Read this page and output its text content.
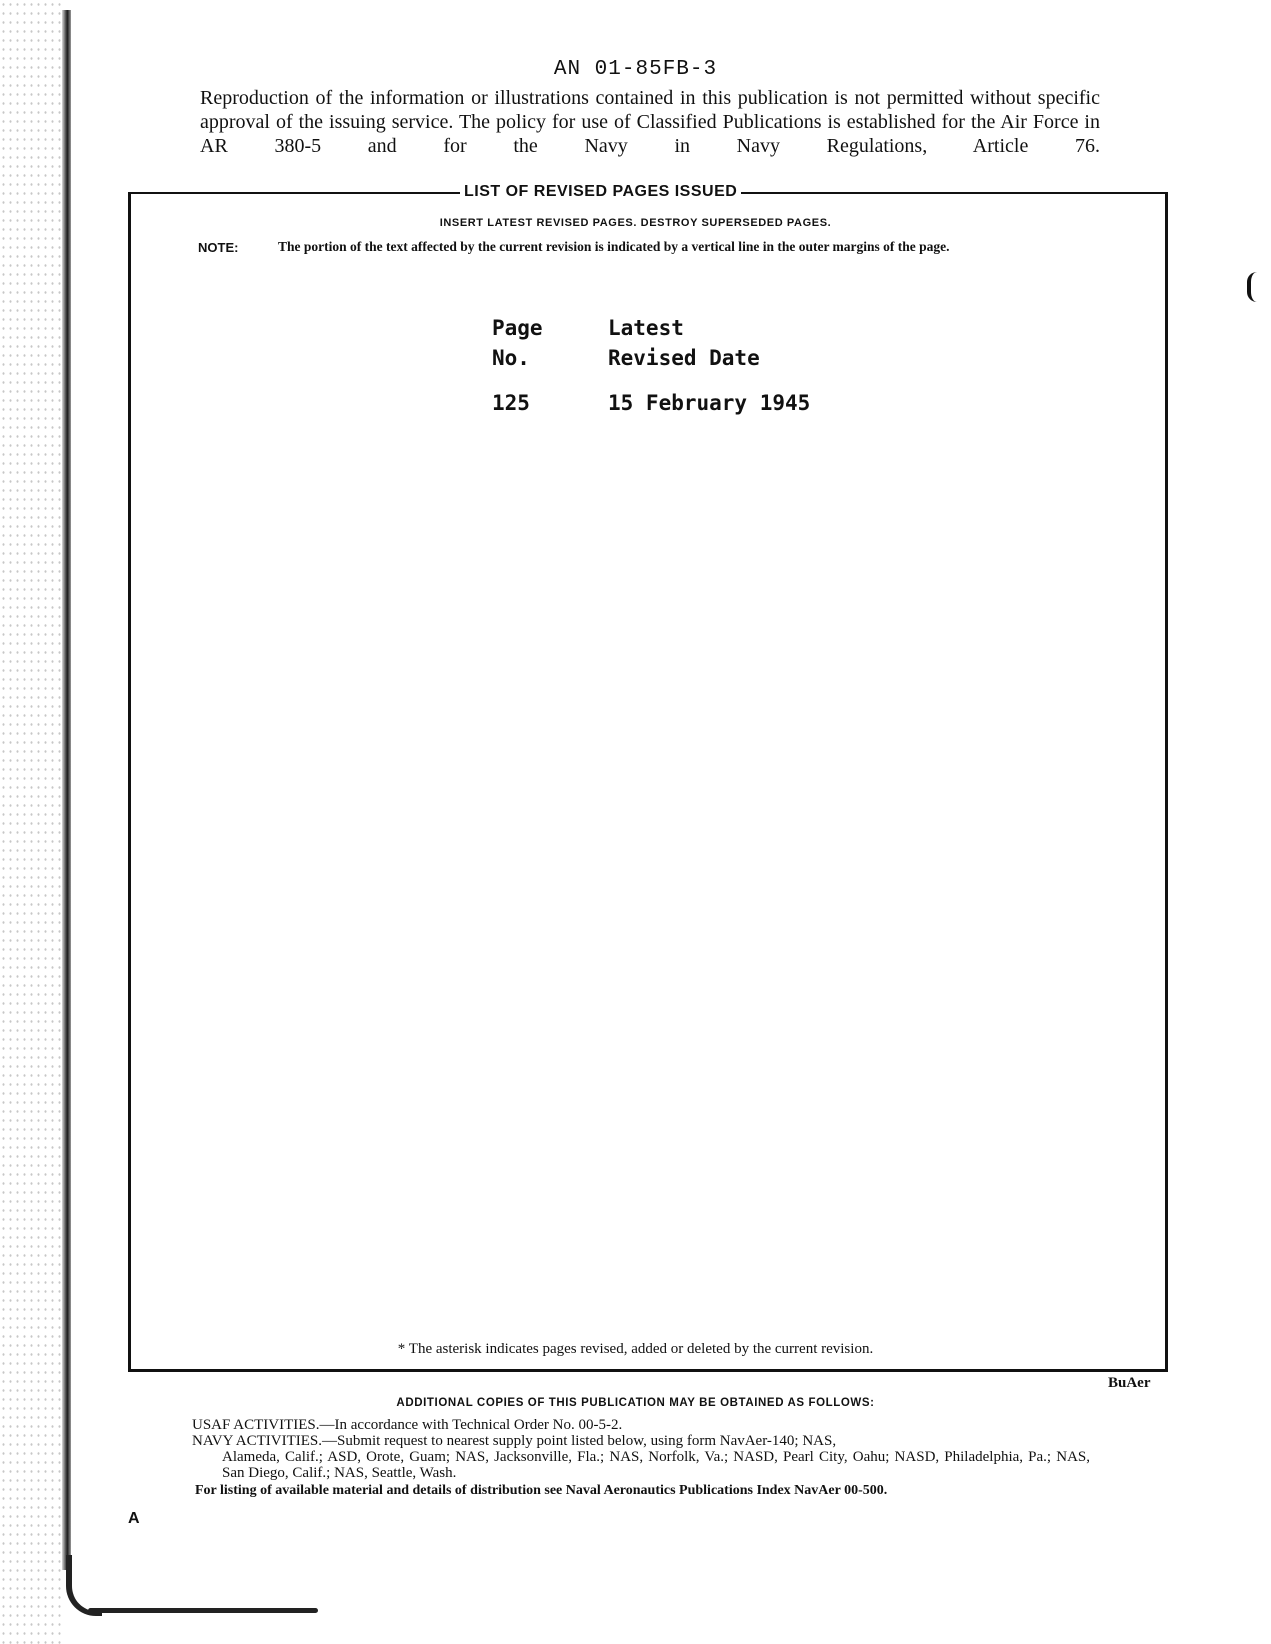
AN 01-85FB-3
Reproduction of the information or illustrations contained in this publication is not permitted without specific approval of the issuing service. The policy for use of Classified Publications is established for the Air Force in AR 380-5 and for the Navy in Navy Regulations, Article 76.
LIST OF REVISED PAGES ISSUED
INSERT LATEST REVISED PAGES. DESTROY SUPERSEDED PAGES.
NOTE:	The portion of the text affected by the current revision is indicated by a vertical line in the outer margins of the page.
Page
No.
Latest
Revised Date
125	15 February 1945
* The asterisk indicates pages revised, added or deleted by the current revision.
BuAer
ADDITIONAL COPIES OF THIS PUBLICATION MAY BE OBTAINED AS FOLLOWS:
USAF ACTIVITIES.—In accordance with Technical Order No. 00-5-2.
NAVY ACTIVITIES.—Submit request to nearest supply point listed below, using form NavAer-140; NAS,
Alameda, Calif.; ASD, Orote, Guam; NAS, Jacksonville, Fla.; NAS, Norfolk, Va.; NASD, Pearl City, Oahu; NASD, Philadelphia, Pa.; NAS, San Diego, Calif.; NAS, Seattle, Wash.
For listing of available material and details of distribution see Naval Aeronautics Publications Index NavAer 00-500.
A
